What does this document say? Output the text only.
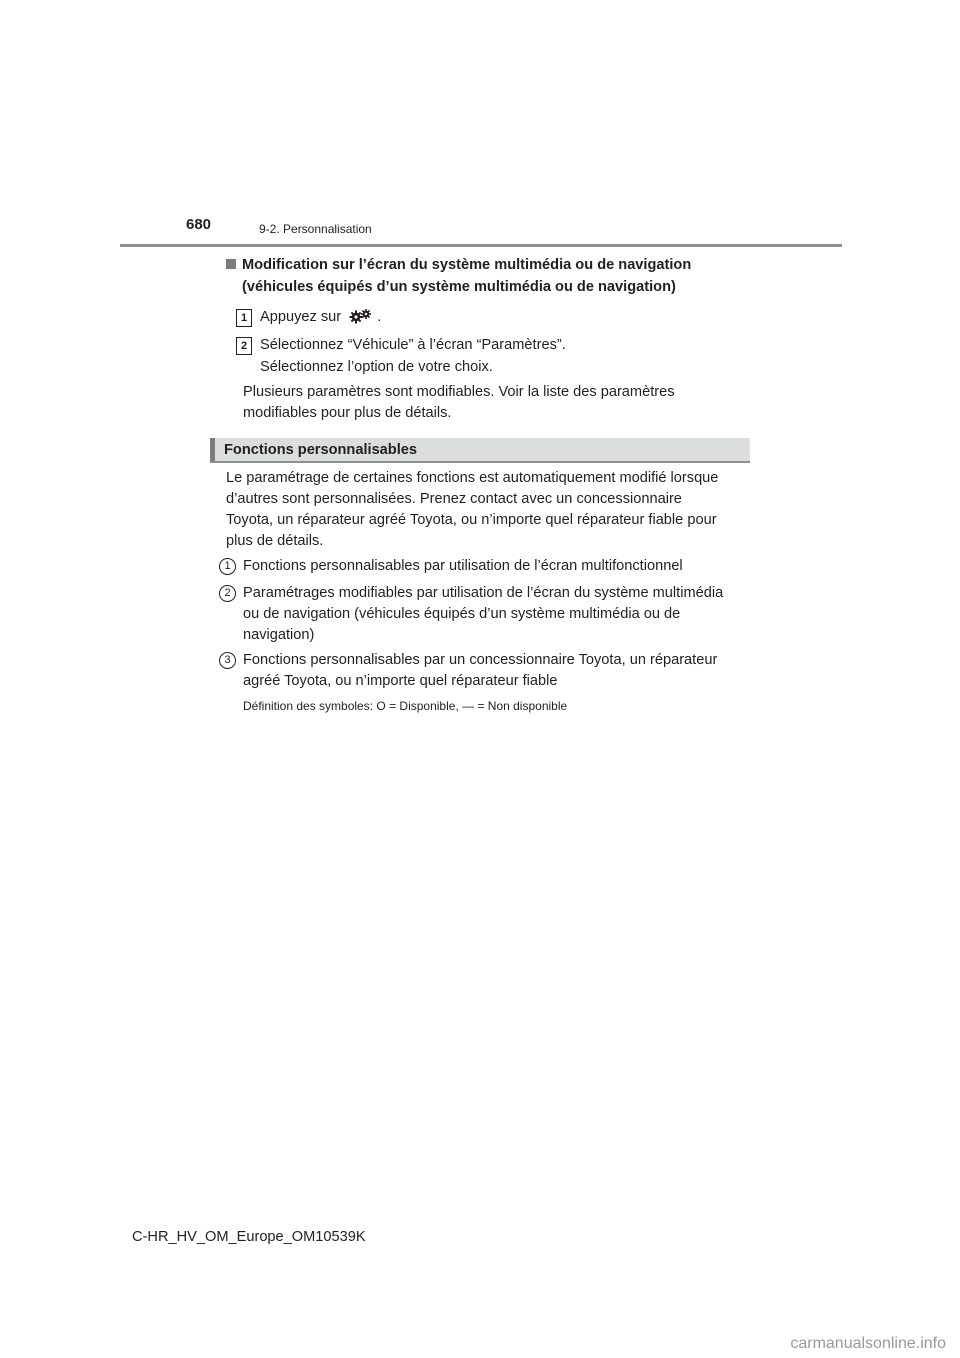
680	9-2. Personnalisation
Modification sur l’écran du système multimédia ou de navigation
(véhicules équipés d’un système multimédia ou de navigation)
1 Appuyez sur .
2 Sélectionnez “Véhicule” à l’écran “Paramètres”.
Sélectionnez l’option de votre choix.
Plusieurs paramètres sont modifiables. Voir la liste des paramètres
modifiables pour plus de détails.
Fonctions personnalisables
Le paramétrage de certaines fonctions est automatiquement modifié lorsque
d’autres sont personnalisées. Prenez contact avec un concessionnaire
Toyota, un réparateur agréé Toyota, ou n’importe quel réparateur fiable pour
plus de détails.
1 Fonctions personnalisables par utilisation de l’écran multifonctionnel
2 Paramétrages modifiables par utilisation de l’écran du système multimédia
ou de navigation (véhicules équipés d’un système multimédia ou de
navigation)
3 Fonctions personnalisables par un concessionnaire Toyota, un réparateur
agréé Toyota, ou n’importe quel réparateur fiable
Définition des symboles: O = Disponible, — = Non disponible
C-HR_HV_OM_Europe_OM10539K
carmanualsonline.info
